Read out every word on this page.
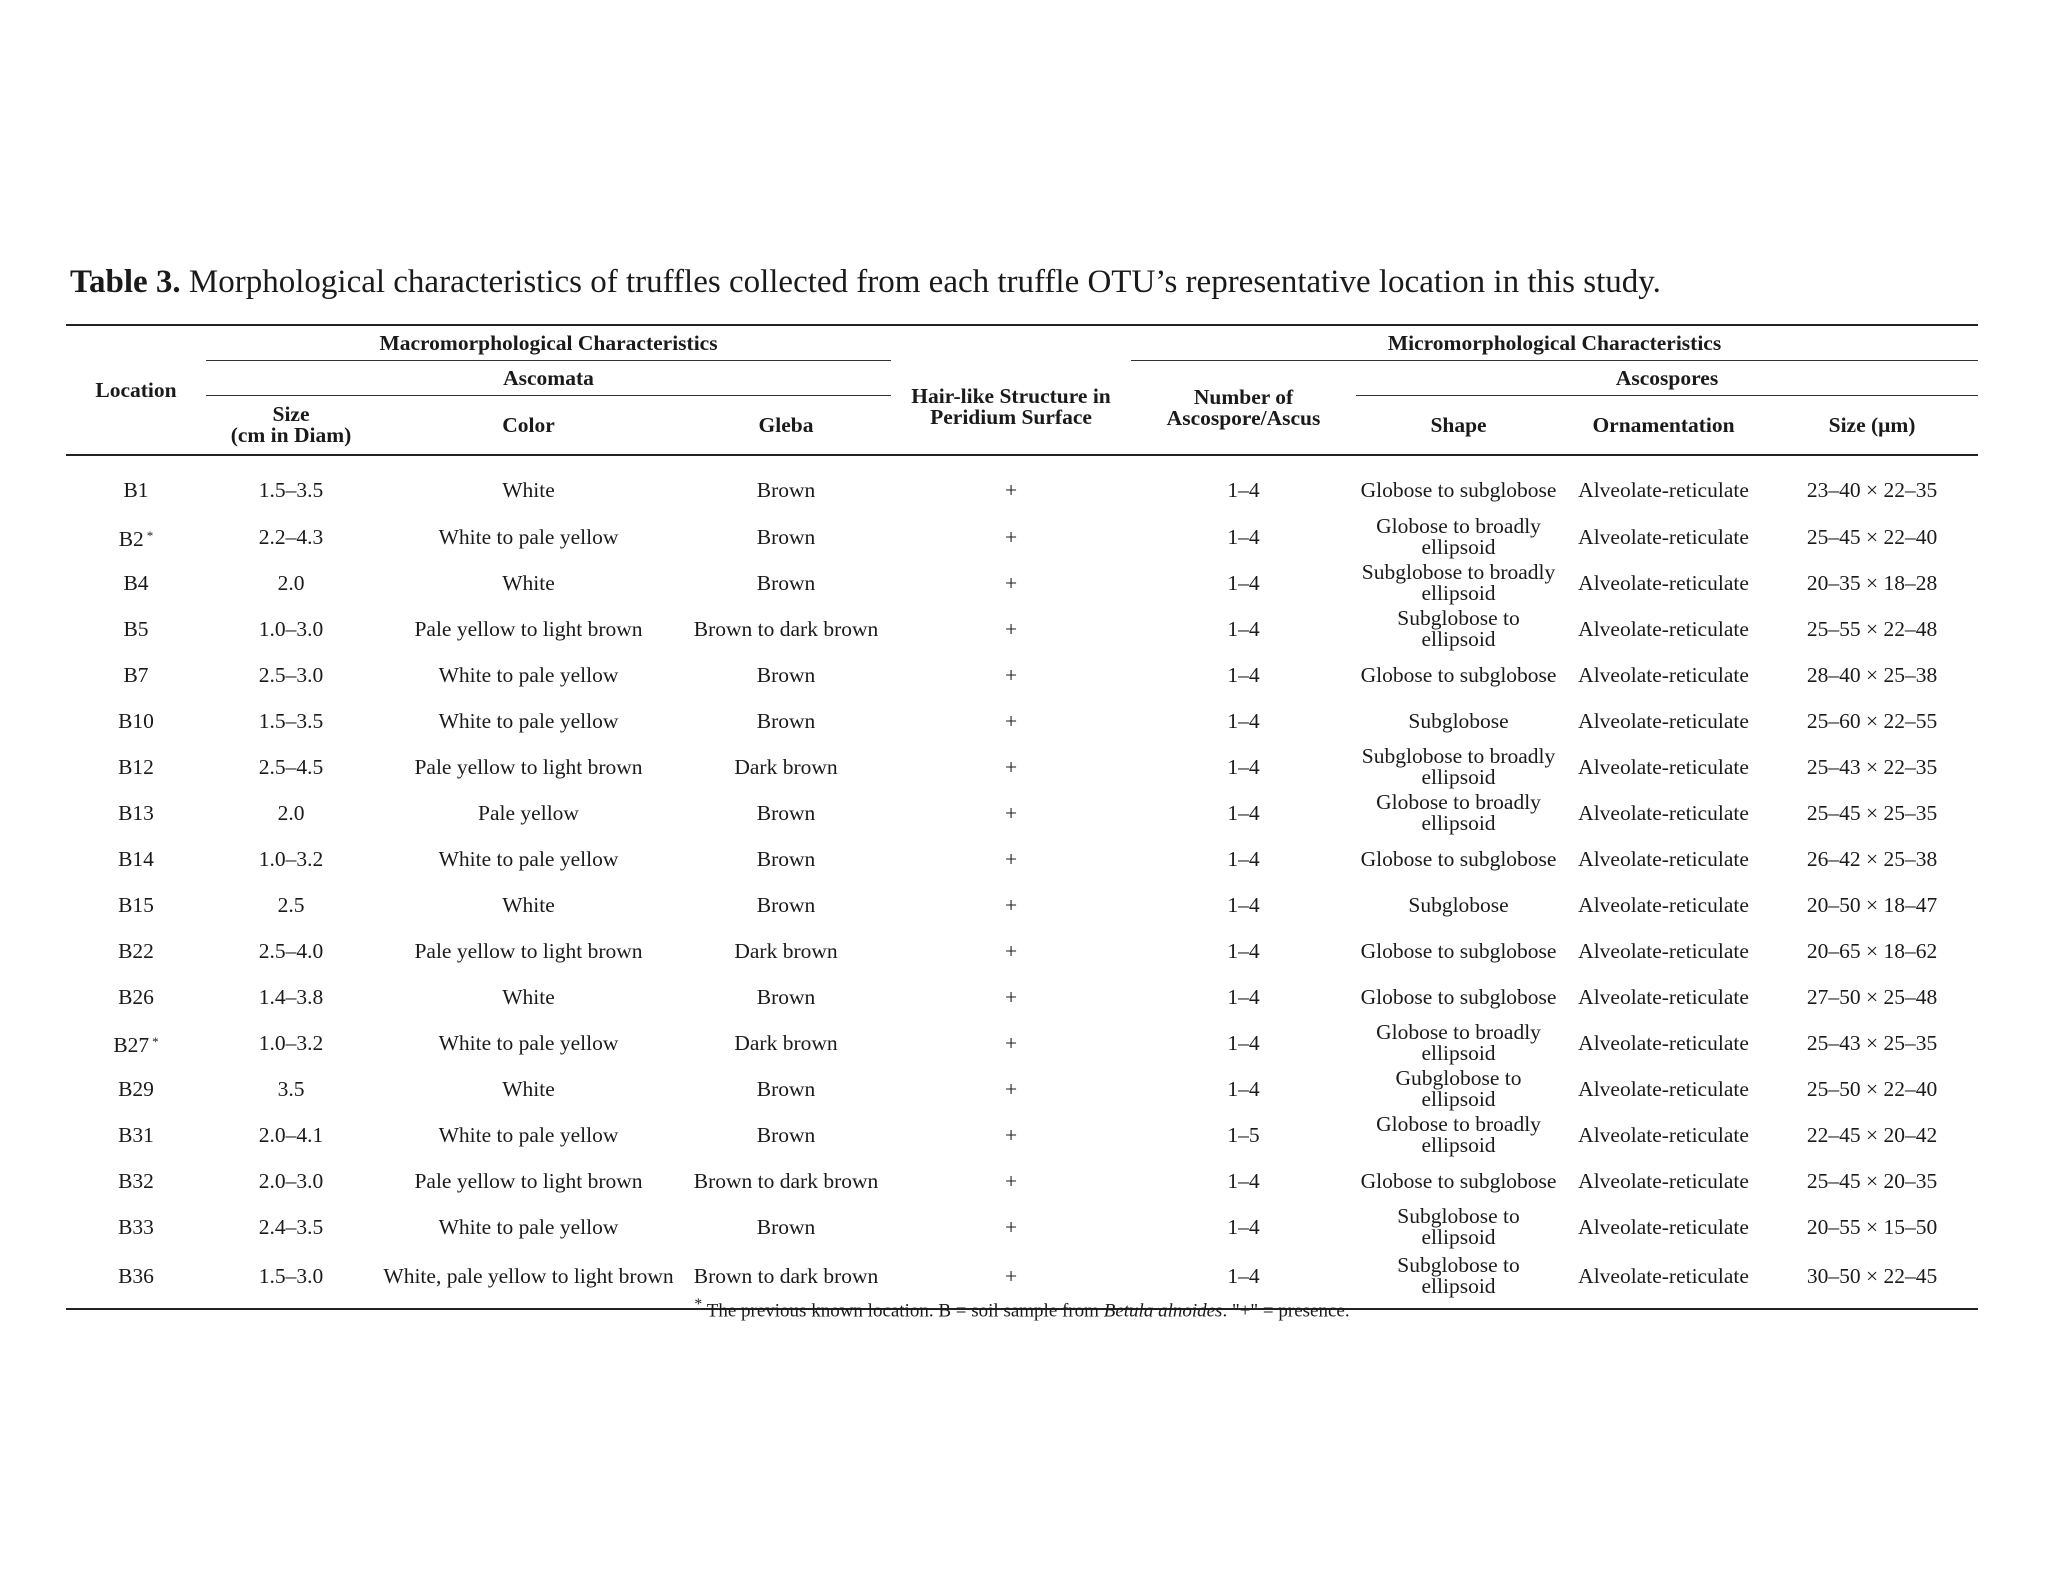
Table 3. Morphological characteristics of truffles collected from each truffle OTU’s representative location in this study.
Location	Macromorphological Characteristics				Micromorphological Characteristics			
	Ascomata			Hair-like Structure in Peridium Surface	Number of Ascospore/Ascus	Ascospores		

	Size
(cm in Diam)	Color	Gleba			Shape	Ornamentation	Size (μm)
B1	1.5–3.5	White	Brown	+	1–4	Globose to subglobose	Alveolate-reticulate	23–40 × 22–35
B2 *	2.2–4.3	White to pale yellow	Brown	+	1–4	Globose to broadly ellipsoid	Alveolate-reticulate	25–45 × 22–40
B4	2.0	White	Brown	+	1–4	Subglobose to broadly ellipsoid	Alveolate-reticulate	20–35 × 18–28
B5	1.0–3.0	Pale yellow to light brown	Brown to dark brown	+	1–4	Subglobose to ellipsoid	Alveolate-reticulate	25–55 × 22–48
B7	2.5–3.0	White to pale yellow	Brown	+	1–4	Globose to subglobose	Alveolate-reticulate	28–40 × 25–38
B10	1.5–3.5	White to pale yellow	Brown	+	1–4	Subglobose	Alveolate-reticulate	25–60 × 22–55
B12	2.5–4.5	Pale yellow to light brown	Dark brown	+	1–4	Subglobose to broadly ellipsoid	Alveolate-reticulate	25–43 × 22–35
B13	2.0	Pale yellow	Brown	+	1–4	Globose to broadly ellipsoid	Alveolate-reticulate	25–45 × 25–35
B14	1.0–3.2	White to pale yellow	Brown	+	1–4	Globose to subglobose	Alveolate-reticulate	26–42 × 25–38
B15	2.5	White	Brown	+	1–4	Subglobose	Alveolate-reticulate	20–50 × 18–47
B22	2.5–4.0	Pale yellow to light brown	Dark brown	+	1–4	Globose to subglobose	Alveolate-reticulate	20–65 × 18–62
B26	1.4–3.8	White	Brown	+	1–4	Globose to subglobose	Alveolate-reticulate	27–50 × 25–48
B27 *	1.0–3.2	White to pale yellow	Dark brown	+	1–4	Globose to broadly ellipsoid	Alveolate-reticulate	25–43 × 25–35
B29	3.5	White	Brown	+	1–4	Gubglobose to ellipsoid	Alveolate-reticulate	25–50 × 22–40
B31	2.0–4.1	White to pale yellow	Brown	+	1–5	Globose to broadly ellipsoid	Alveolate-reticulate	22–45 × 20–42
B32	2.0–3.0	Pale yellow to light brown	Brown to dark brown	+	1–4	Globose to subglobose	Alveolate-reticulate	25–45 × 20–35
B33	2.4–3.5	White to pale yellow	Brown	+	1–4	Subglobose to ellipsoid	Alveolate-reticulate	20–55 × 15–50
B36	1.5–3.0	White, pale yellow to light brown	Brown to dark brown	+	1–4	Subglobose to ellipsoid	Alveolate-reticulate	30–50 × 22–45
* The previous known location. B = soil sample from Betula alnoides. "+" = presence.
